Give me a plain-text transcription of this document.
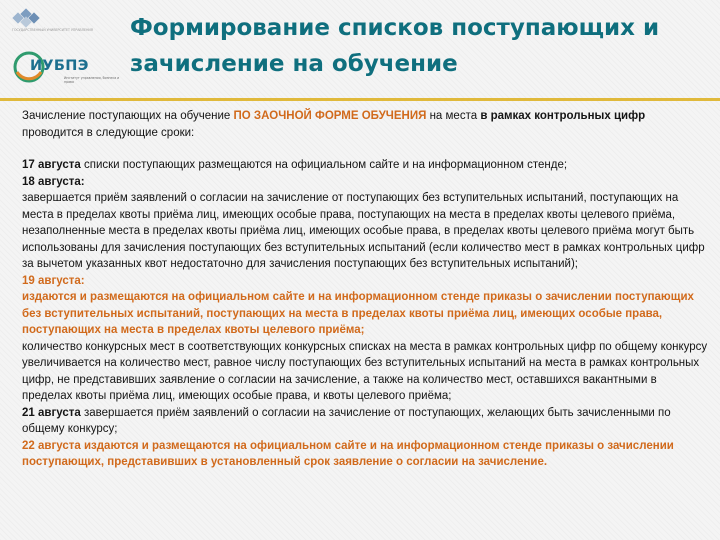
ГОСУДАРСТВЕННЫЙ УНИВЕРСИТЕТ УПРАВЛЕНИЯ
ИУБПЭ
Институт управления, бизнеса и права
Формирование списков поступающих и
зачисление на обучение

Зачисление поступающих на обучение ПО ЗАОЧНОЙ ФОРМЕ ОБУЧЕНИЯ на места в рамках контрольных цифр проводится в следующие сроки:

17 августа списки поступающих размещаются на официальном сайте и на информационном стенде;

18 августа:

завершается приём заявлений о согласии на зачисление от поступающих без вступительных испытаний, поступающих на места в пределах квоты приёма лиц, имеющих особые права, поступающих на места в пределах квоты целевого приёма,

незаполненные места в пределах квоты приёма лиц, имеющих особые права, в пределах квоты целевого приёма могут быть использованы для зачисления поступающих без вступительных испытаний (если количество мест в рамках контрольных цифр за вычетом указанных квот недостаточно для зачисления поступающих без вступительных испытаний);

19 августа:

издаются и размещаются на официальном сайте и на информационном стенде приказы о зачислении поступающих без вступительных испытаний, поступающих на места в пределах квоты приёма лиц, имеющих особые права, поступающих на места в пределах квоты целевого приёма;

количество конкурсных мест в соответствующих конкурсных списках на места в рамках контрольных цифр по общему конкурсу увеличивается на количество мест, равное числу поступающих без вступительных испытаний на места в рамках контрольных цифр, не представивших заявление о согласии на зачисление, а также на количество мест, оставшихся вакантными в пределах квоты приёма лиц, имеющих особые права, и квоты целевого приёма;

21 августа завершается приём заявлений о согласии на зачисление от поступающих, желающих быть зачисленными по общему конкурсу;

22 августа издаются и размещаются на официальном сайте и на информационном стенде приказы о зачислении поступающих, представивших в установленный срок заявление о согласии на зачисление.
